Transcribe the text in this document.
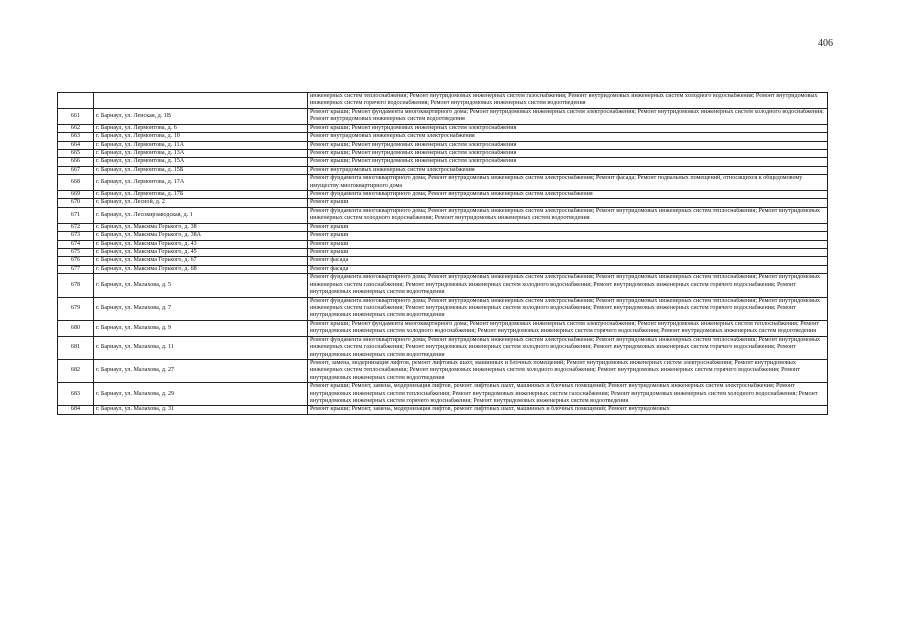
406
		инженерных систем теплоснабжения; Ремонт внутридомовых инженерных систем газоснабжения; Ремонт внутридомовых инженерных систем холодного водоснабжения; Ремонт внутридомовых инженерных систем горячего водоснабжения; Ремонт внутридомовых инженерных систем водоотведения
661	г. Барнаул, ул. Ленская, д. 1В	Ремонт крыши; Ремонт фундамента многоквартирного дома; Ремонт внутридомовых инженерных систем электроснабжения; Ремонт внутридомовых инженерных систем холодного водоснабжения; Ремонт внутридомовых инженерных систем водоотведения
662	г. Барнаул, ул. Лермонтова, д. 6	Ремонт крыши; Ремонт внутридомовых инженерных систем электроснабжения
663	г. Барнаул, ул. Лермонтова, д. 10	Ремонт внутридомовых инженерных систем электроснабжения
664	г. Барнаул, ул. Лермонтова, д. 11А	Ремонт крыши; Ремонт внутридомовых инженерных систем электроснабжения
665	г. Барнаул, ул. Лермонтова, д. 13А	Ремонт крыши; Ремонт внутридомовых инженерных систем электроснабжения
666	г. Барнаул, ул. Лермонтова, д. 15А	Ремонт крыши; Ремонт внутридомовых инженерных систем электроснабжения
667	г. Барнаул, ул. Лермонтова, д. 15Б	Ремонт внутридомовых инженерных систем электроснабжения
668	г. Барнаул, ул. Лермонтова, д. 17А	Ремонт фундамента многоквартирного дома; Ремонт внутридомовых инженерных систем электроснабжения; Ремонт фасада; Ремонт подвальных помещений, относящихся к общедомовому имуществу многоквартирного дома
669	г. Барнаул, ул. Лермонтова, д. 17Б	Ремонт фундамента многоквартирного дома; Ремонт внутридомовых инженерных систем электроснабжения
670	г. Барнаул, ул. Лесной, д. 2	Ремонт крыши
671	г. Барнаул, ул. Лесокирзаводская, д. 1	Ремонт фундамента многоквартирного дома; Ремонт внутридомовых инженерных систем электроснабжения; Ремонт внутридомовых инженерных систем теплоснабжения; Ремонт внутридомовых инженерных систем холодного водоснабжения; Ремонт внутридомовых инженерных систем водоотведения
672	г. Барнаул, ул. Максима Горького, д. 38	Ремонт крыши
673	г. Барнаул, ул. Максима Горького, д. 38А	Ремонт крыши
674	г. Барнаул, ул. Максима Горького, д. 43	Ремонт крыши
675	г. Барнаул, ул. Максима Горького, д. 45	Ремонт крыши
676	г. Барнаул, ул. Максима Горького, д. 67	Ремонт фасада
677	г. Барнаул, ул. Максима Горького, д. 68	Ремонт фасада
678	г. Барнаул, ул. Малахова, д. 5	Ремонт фундамента многоквартирного дома; Ремонт внутридомовых инженерных систем электроснабжения; Ремонт внутридомовых инженерных систем теплоснабжения; Ремонт внутридомовых инженерных систем газоснабжения; Ремонт внутридомовых инженерных систем холодного водоснабжения; Ремонт внутридомовых инженерных систем горячего водоснабжения; Ремонт внутридомовых инженерных систем водоотведения
679	г. Барнаул, ул. Малахова, д. 7	Ремонт фундамента многоквартирного дома; Ремонт внутридомовых инженерных систем электроснабжения; Ремонт внутридомовых инженерных систем теплоснабжения; Ремонт внутридомовых инженерных систем газоснабжения; Ремонт внутридомовых инженерных систем холодного водоснабжения; Ремонт внутридомовых инженерных систем горячего водоснабжения; Ремонт внутридомовых инженерных систем водоотведения
680	г. Барнаул, ул. Малахова, д. 9	Ремонт крыши; Ремонт фундамента многоквартирного дома; Ремонт внутридомовых инженерных систем электроснабжения; Ремонт внутридомовых инженерных систем теплоснабжения; Ремонт внутридомовых инженерных систем холодного водоснабжения; Ремонт внутридомовых инженерных систем горячего водоснабжения; Ремонт внутридомовых инженерных систем водоотведения
681	г. Барнаул, ул. Малахова, д. 11	Ремонт фундамента многоквартирного дома; Ремонт внутридомовых инженерных систем электроснабжения; Ремонт внутридомовых инженерных систем теплоснабжения; Ремонт внутридомовых инженерных систем газоснабжения; Ремонт внутридомовых инженерных систем холодного водоснабжения; Ремонт внутридомовых инженерных систем горячего водоснабжения; Ремонт внутридомовых инженерных систем водоотведения
682	г. Барнаул, ул. Малахова, д. 27	Ремонт, замена, модернизация лифтов, ремонт лифтовых шахт, машинных и блочных помещений; Ремонт внутридомовых инженерных систем электроснабжения; Ремонт внутридомовых инженерных систем теплоснабжения; Ремонт внутридомовых инженерных систем холодного водоснабжения; Ремонт внутридомовых инженерных систем горячего водоснабжения; Ремонт внутридомовых инженерных систем водоотведения
683	г. Барнаул, ул. Малахова, д. 29	Ремонт крыши; Ремонт, замена, модернизация лифтов, ремонт лифтовых шахт, машинных и блочных помещений; Ремонт внутридомовых инженерных систем электроснабжения; Ремонт внутридомовых инженерных систем теплоснабжения; Ремонт внутридомовых инженерных систем газоснабжения; Ремонт внутридомовых инженерных систем холодного водоснабжения; Ремонт внутридомовых инженерных систем горячего водоснабжения; Ремонт внутридомовых инженерных систем водоотведения
684	г. Барнаул, ул. Малахова, д. 31	Ремонт крыши; Ремонт, замена, модернизация лифтов, ремонт лифтовых шахт, машинных и блочных помещений; Ремонт внутридомовых
